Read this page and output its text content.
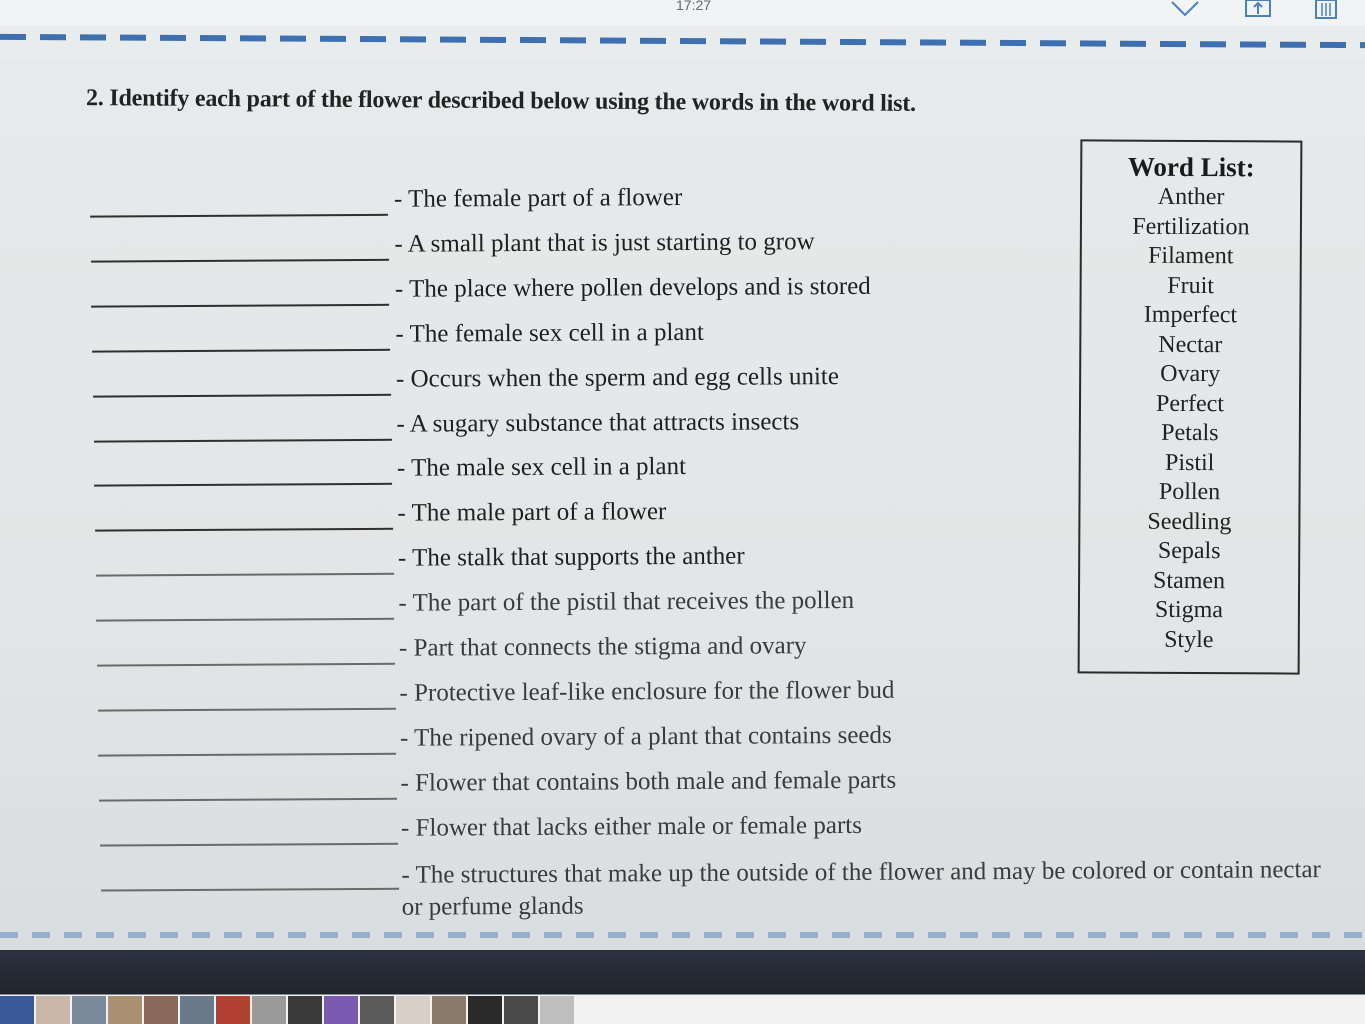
17:27
2. Identify each part of the flower described below using the words in the word list.
- The female part of a flower
- A small plant that is just starting to grow
- The place where pollen develops and is stored
- The female sex cell in a plant
- Occurs when the sperm and egg cells unite
- A sugary substance that attracts insects
- The male sex cell in a plant
- The male part of a flower
- The stalk that supports the anther
- The part of the pistil that receives the pollen
- Part that connects the stigma and ovary
- Protective leaf-like enclosure for the flower bud
- The ripened ovary of a plant that contains seeds
- Flower that contains both male and female parts
- Flower that lacks either male or female parts
- The structures that make up the outside of the flower and may be colored or contain nectar or perfume glands
Word List:
Anther
Fertilization
Filament
Fruit
Imperfect
Nectar
Ovary
Perfect
Petals
Pistil
Pollen
Seedling
Sepals
Stamen
Stigma
Style
